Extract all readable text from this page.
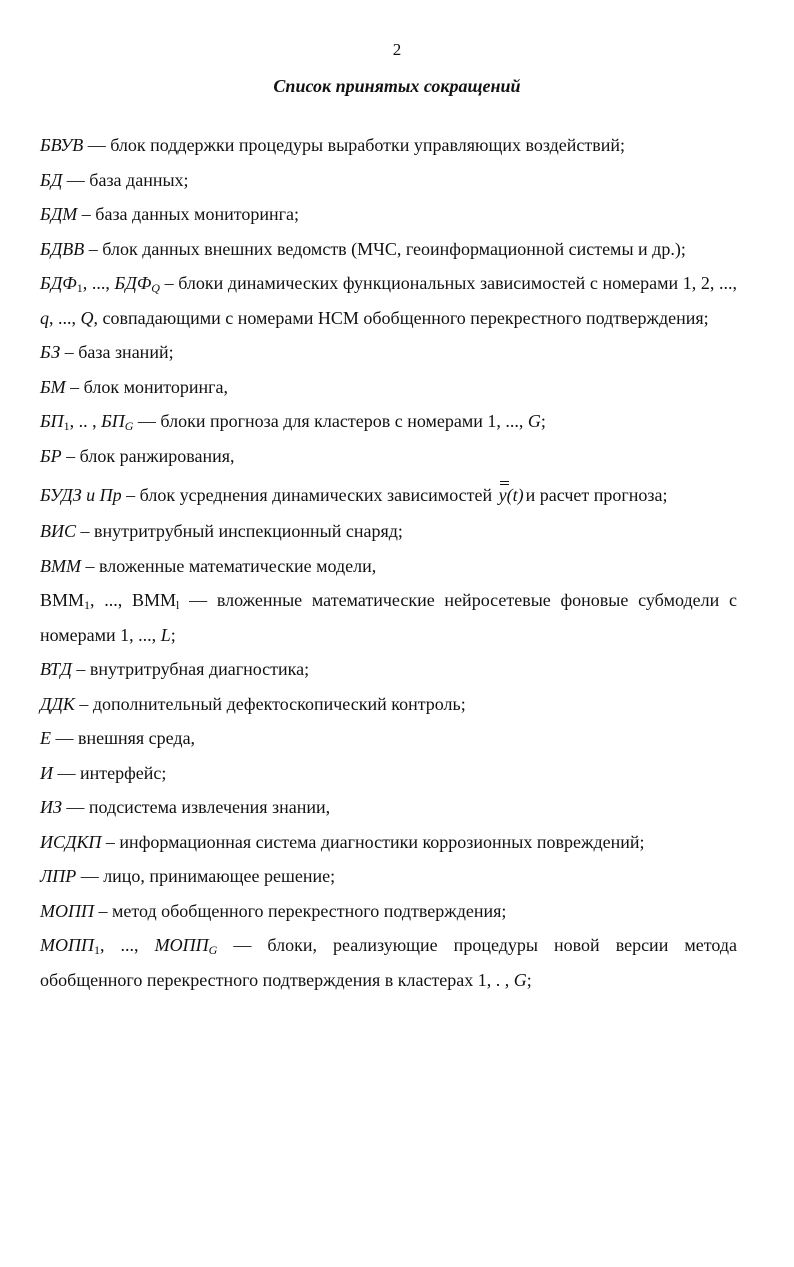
2
Список принятых сокращений

БВУВ — блок поддержки процедуры выработки управляющих воздействий;

БД — база данных;

БДМ – база данных мониторинга;

БДВВ – блок данных внешних ведомств (МЧС, геоинформационной системы и др.);

$БДФ_1$, ..., $БДФ_Q$ – блоки динамических функциональных зависимостей с номерами 1, 2, ..., q, ..., Q, совпадающими с номерами НСМ обобщенного перекрестного подтверждения;

БЗ – база знаний;

БМ – блок мониторинга,

$БП_1$, .. , $БП_G$ — блоки прогноза для кластеров с номерами 1, ..., G;

БР – блок ранжирования,

БУДЗ и Пр – блок усреднения динамических зависимостей
y(t) и расчет прогноза;

ВИС – внутритрубный инспекционный снаряд;

ВММ – вложенные математические модели,

$ВММ_1$, ..., $ВММ_l$ — вложенные математические нейросетевые фоновые субмодели с номерами 1, ..., L;

ВТД – внутритрубная диагностика;

ДДК – дополнительный дефектоскопический контроль;

Е — внешняя среда,

И — интерфейс;

ИЗ — подсистема извлечения знании,

ИСДКП – информационная система диагностики коррозионных повреждений;

ЛПР — лицо, принимающее решение;

МОПП – метод обобщенного перекрестного подтверждения;

$МОПП_1$, ..., $МОПП_G$ — блоки, реализующие процедуры новой версии метода обобщенного перекрестного подтверждения в кластерах 1, . , G;
